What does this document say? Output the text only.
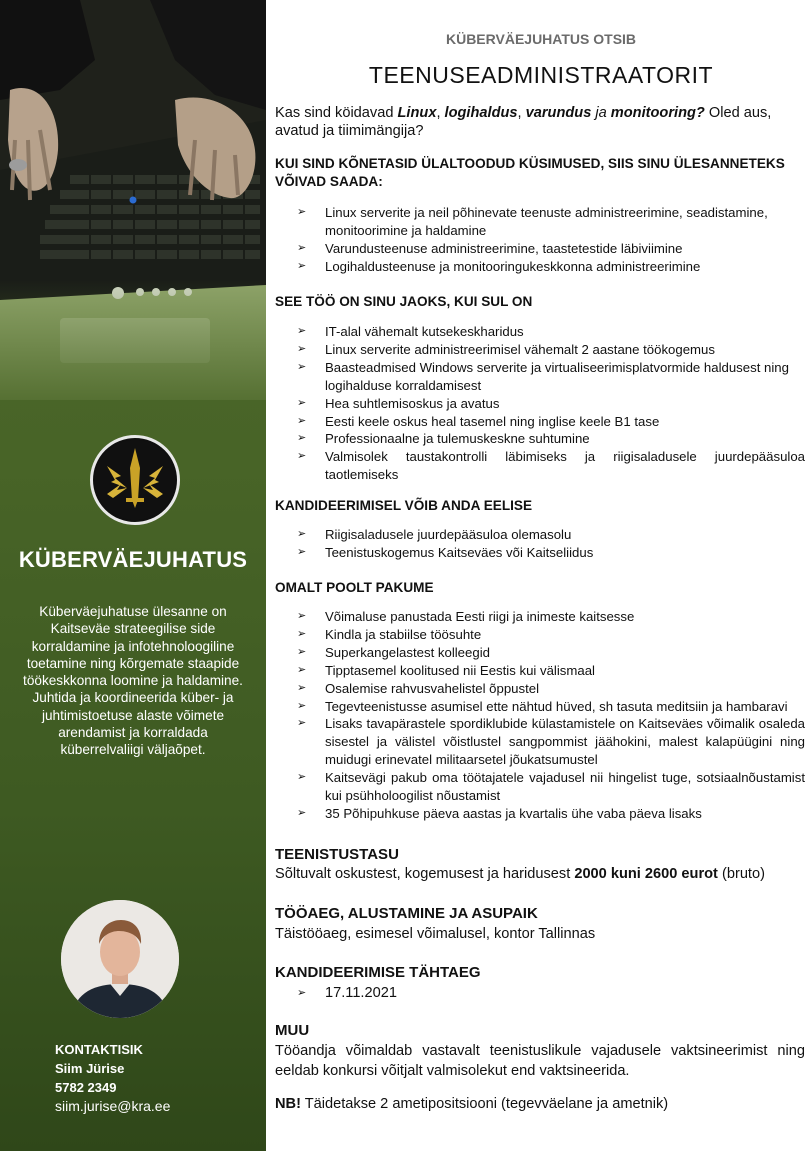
KÜBERVÄEJUHATUS
Küberväejuhatuse ülesanne on Kaitseväe strateegilise side korraldamine ja infotehnoloogiline toetamine ning kõrgemate staapide töökeskkonna loomine ja haldamine. Juhtida ja koordineerida küber- ja juhtimistoetuse alaste võimete arendamist ja korraldada küberrelvaliigi väljaõpet.
KONTAKTISIK
Siim Jürise
5782 2349
siim.jurise@kra.ee
KÜBERVÄEJUHATUS OTSIB
TEENUSEADMINISTRAATORIT
Kas sind köidavad Linux, logihaldus, varundus ja monitooring? Oled aus, avatud ja tiimimängija?
KUI SIND KÕNETASID ÜLALTOODUD KÜSIMUSED, SIIS SINU ÜLESANNETEKS VÕIVAD SAADA:
➢ Linux serverite ja neil põhinevate teenuste administreerimine, seadistamine, monitoorimine ja haldamine
➢ Varundusteenuse administreerimine, taastetestide läbiviimine
➢ Logihaldusteenuse ja monitooringukeskkonna administreerimine
SEE TÖÖ ON SINU JAOKS, KUI SUL ON
➢ IT-alal vähemalt kutsekeskharidus
➢ Linux serverite administreerimisel vähemalt 2 aastane töökogemus
➢ Baasteadmised Windows serverite ja virtualiseerimisplatvormide haldusest ning logihalduse korraldamisest
➢ Hea suhtlemisoskus ja avatus
➢ Eesti keele oskus heal tasemel ning inglise keele B1 tase
➢ Professionaalne ja tulemuskeskne suhtumine
➢ Valmisolek taustakontrolli läbimiseks ja riigisaladusele juurdepääsuloa taotlemiseks
KANDIDEERIMISEL VÕIB ANDA EELISE
➢ Riigisaladusele juurdepääsuloa olemasolu
➢ Teenistuskogemus Kaitseväes või Kaitseliidus
OMALT POOLT PAKUME
➢ Võimaluse panustada Eesti riigi ja inimeste kaitsesse
➢ Kindla ja stabiilse töösuhte
➢ Superkangelastest kolleegid
➢ Tipptasemel koolitused nii Eestis kui välismaal
➢ Osalemise rahvusvahelistel õppustel
➢ Tegevteenistusse asumisel ette nähtud hüved, sh tasuta meditsiin ja hambaravi
➢ Lisaks tavapärastele spordiklubide külastamistele on Kaitseväes võimalik osaleda sisestel ja välistel võistlustel sangpommist jäähokini, malest kalapüügini ning muidugi erinevatel militaarsetel jõukatsumustel
➢ Kaitsevägi pakub oma töötajatele vajadusel nii hingelist tuge, sotsiaalnõustamist kui psühholoogilist nõustamist
➢ 35 Põhipuhkuse päeva aastas ja kvartalis ühe vaba päeva lisaks
TEENISTUSTASU
Sõltuvalt oskustest, kogemusest ja haridusest 2000 kuni 2600 eurot (bruto)
TÖÖAEG, ALUSTAMINE JA ASUPAIK
Täistööaeg, esimesel võimalusel, kontor Tallinnas
KANDIDEERIMISE TÄHTAEG
➢ 17.11.2021
MUU
Tööandja võimaldab vastavalt teenistuslikule vajadusele vaktsineerimist ning eeldab konkursi võitjalt valmisolekut end vaktsineerida.
NB! Täidetakse 2 ametipositsiooni (tegevväelane ja ametnik)
